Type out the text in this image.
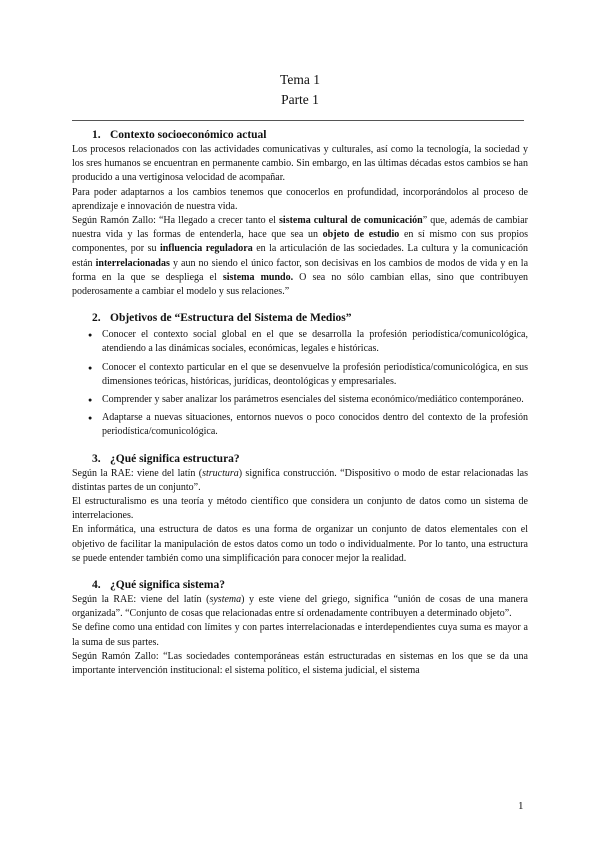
Tema 1
Parte 1
1. Contexto socioeconómico actual

Los procesos relacionados con las actividades comunicativas y culturales, así como la tecnología, la sociedad y los sres humanos se encuentran en permanente cambio. Sin embargo, en las últimas décadas estos cambios se han producido a una vertiginosa velocidad de acompañar.

Para poder adaptarnos a los cambios tenemos que conocerlos en profundidad, incorporándolos al proceso de aprendizaje e innovación de nuestra vida.

Según Ramón Zallo: “Ha llegado a crecer tanto el sistema cultural de comunicación” que, además de cambiar nuestra vida y las formas de entenderla, hace que sea un objeto de estudio en sí mismo con sus propios componentes, por su influencia reguladora en la articulación de las sociedades. La cultura y la comunicación están interrelacionadas y aun no siendo el único factor, son decisivas en los cambios de modos de vida y en la forma en la que se despliega el sistema mundo. O sea no sólo cambian ellas, sino que contribuyen poderosamente a cambiar el modelo y sus relaciones.”

2. Objetivos de “Estructura del Sistema de Medios”
● Conocer el contexto social global en el que se desarrolla la profesión periodística/comunicológica, atendiendo a las dinámicas sociales, económicas, legales e históricas.
● Conocer el contexto particular en el que se desenvuelve la profesión periodística/comunicológica, en sus dimensiones teóricas, históricas, jurídicas, deontológicas y empresariales.
● Comprender y saber analizar los parámetros esenciales del sistema económico/mediático contemporáneo.
● Adaptarse a nuevas situaciones, entornos nuevos o poco conocidos dentro del contexto de la profesión periodística/comunicológica.
3. ¿Qué significa estructura?

Según la RAE: viene del latín (structura) significa construcción. “Dispositivo o modo de estar relacionadas las distintas partes de un conjunto”.

El estructuralismo es una teoría y método científico que considera un conjunto de datos como un sistema de interrelaciones.

En informática, una estructura de datos es una forma de organizar un conjunto de datos elementales con el objetivo de facilitar la manipulación de estos datos como un todo o individualmente. Por lo tanto, una estructura se puede entender también como una simplificación para conocer mejor la realidad.

4. ¿Qué significa sistema?

Según la RAE: viene del latín (systema) y este viene del griego, significa “unión de cosas de una manera organizada”. “Conjunto de cosas que relacionadas entre sí ordenadamente contribuyen a determinado objeto”.

Se define como una entidad con límites y con partes interrelacionadas e interdependientes cuya suma es mayor a la suma de sus partes.

Según Ramón Zallo: “Las sociedades contemporáneas están estructuradas en sistemas en los que se da una importante intervención institucional: el sistema político, el sistema judicial, el sistema

1
